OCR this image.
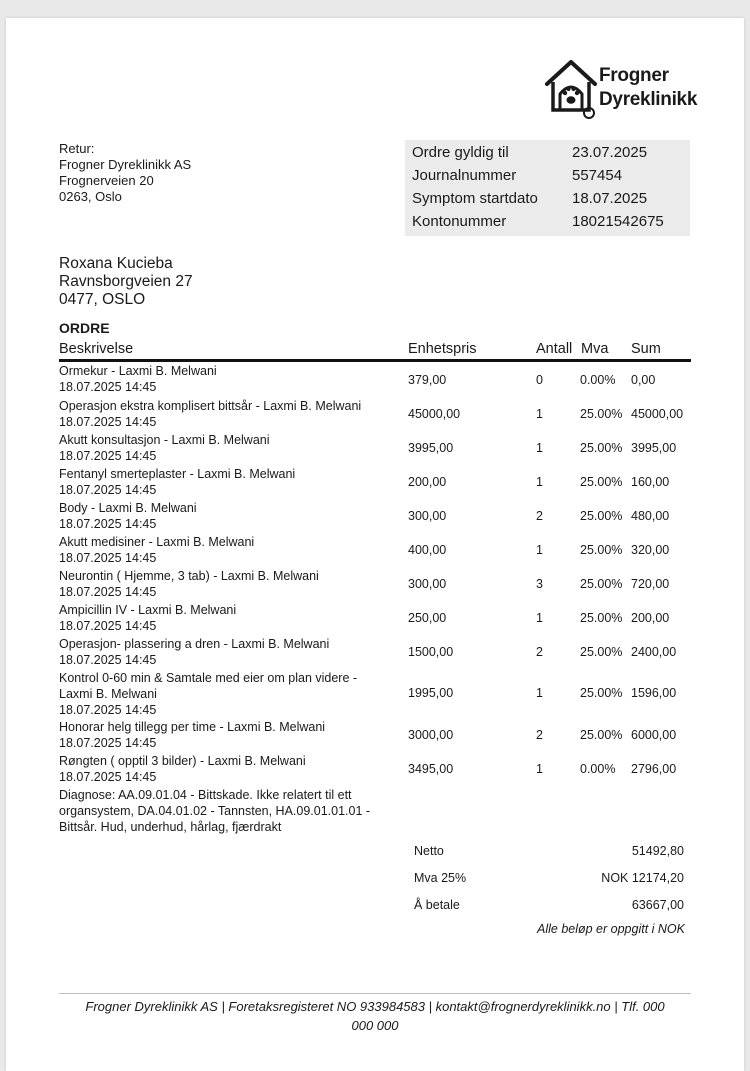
Frogner
Dyreklinikk
Retur:
Frogner Dyreklinikk AS
Frognerveien 20
0263, Oslo
Ordre gyldig til	23.07.2025
Journalnummer	557454
Symptom startdato 18.07.2025
Kontonummer	18021542675
Roxana Kucieba
Ravnsborgveien 27
0477, OSLO
ORDRE
Beskrivelse	Enhetspris	Antall Mva Sum
Ormekur - Laxmi B. Melwani
18.07.2025 14:45	379,00	0	0.00% 0,00
Operasjon ekstra komplisert bittsår - Laxmi B. Melwani
18.07.2025 14:45
45000,00	1	25.00% 45000,00
Akutt konsultasjon - Laxmi B. Melwani
18.07.2025 14:45
3995,00	1	25.00% 3995,00
Fentanyl smerteplaster - Laxmi B. Melwani
18.07.2025 14:45
200,00	1	25.00% 160,00
Body - Laxmi B. Melwani
18.07.2025 14:45
300,00	2	25.00% 480,00
Akutt medisiner - Laxmi B. Melwani
18.07.2025 14:45
400,00	1	25.00% 320,00
Neurontin ( Hjemme, 3 tab) - Laxmi B. Melwani
18.07.2025 14:45
300,00	3	25.00% 720,00
Ampicillin IV - Laxmi B. Melwani
18.07.2025 14:45
250,00	1	25.00% 200,00
Operasjon- plassering a dren - Laxmi B. Melwani
18.07.2025 14:45
1500,00	2	25.00% 2400,00
Kontrol 0-60 min & Samtale med eier om plan videre -
Laxmi B. Melwani
18.07.2025 14:45
1995,00	1	25.00% 1596,00
Honorar helg tillegg per time - Laxmi B. Melwani
18.07.2025 14:45
3000,00	2	25.00% 6000,00
Røngten ( opptil 3 bilder) - Laxmi B. Melwani
18.07.2025 14:45
3495,00	1	0.00% 2796,00
Diagnose: AA.09.01.04 - Bittskade. Ikke relatert til ett
organsystem, DA.04.01.02 - Tannsten, HA.09.01.01.01 -
Bittsår. Hud, underhud, hårlag, fjærdrakt
Netto	51492,80
Mva 25%	NOK 12174,20
Å betale	63667,00
Alle beløp er oppgitt i NOK
Frogner Dyreklinikk AS | Foretaksregisteret NO 933984583 | kontakt@frognerdyreklinikk.no | Tlf. 000
000 000
